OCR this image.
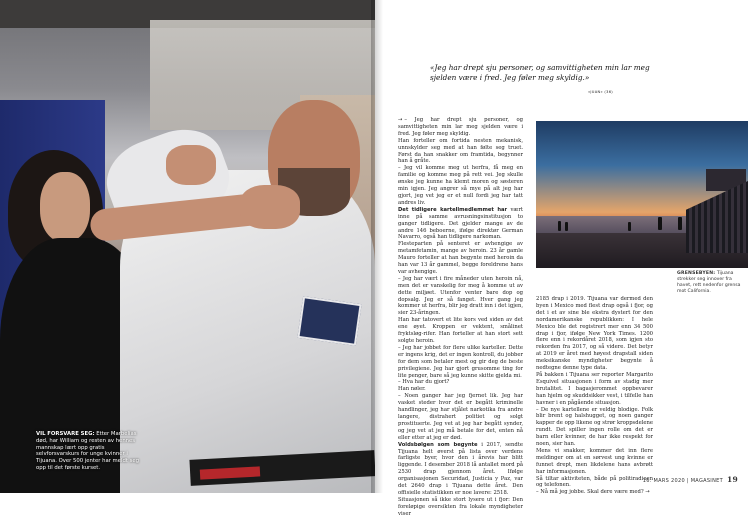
VIL FORSVARE SEG: Etter Marbelias død, har William og resten av hennes mannskap lært opp gratis selvforsvarskurs for unge kvinner i Tijuana. Over 500 jenter har meldt seg opp til det første kurset.
«Jeg har drept sju personer, og samvittigheten min lar meg sjelden være i fred. Jeg føler meg skyldig.»
«JUAN» (36)

→ – Jeg har drept sju personer, og samvittigheten min lar meg sjelden være i fred. Jeg føler meg skyldig.

Han forteller om fortida nesten mekanisk, unnskylder seg med at han følte seg truet. Først da han snakker om framtida, begynner han å gråte.

– Jeg vil komme meg ut herfra, få meg en familie og komme meg på rett vei. Jeg skulle ønske jeg kunne ha klemt moren og søsteren min igjen. Jeg angrer så mye på alt jeg har gjort, jeg vet jeg er et null fordi jeg har tatt andres liv.

Det tidligere kartellmedlemmet har vært inne på samme avrusningsinstitusjon to ganger tidligere. Det gjelder mange av de andre 146 beboerne, ifølge direktør German Navarro, også han tidligere narkoman.

Flesteparten på senteret er avhengige av metamfetamin, mange av heroin. 23 år gamle Mauro forteller at han begynte med heroin da han var 13 år gammel, begge foreldrene hans var avhengige.

– Jeg har vært i fire måneder uten heroin nå, men det er vanskelig for meg å komme ut av dette miljøet. Utenfor venter bare dop og dopsalg. Jeg er så fanget. Hver gang jeg kommer ut herfra, blir jeg dratt inn i det igjen, sier 23-åringen.

Han har tatovert et lite kors ved siden av det ene øyet. Kroppen er vektent, smålinet fryktsløg-rifer. Han forteller at han stort sett solgte heroin.

– Jeg har jobbet for flere ulike karteller. Dette er ingens krig, det er ingen kontroll, du jobber for dem som betaler mest og gir deg de beste privilegiene. Jeg har gjort grusomme ting for lite penger, bare så jeg kunne skitte gjelda mi.

– Hva har du gjort?

Han nøler.

– Noen ganger har jeg fjernet lik. Jeg har vasket steder hvor det er begått kriminelle handlinger, jeg har stjålet narkotika fra andre langere, distrahert politiet og solgt prostituerte. Jeg vet at jeg har begått synder, og jeg vet at jeg må betale for det, enten nå eller etter at jeg er død.

Voldsbølgen som begynte i 2017, sendte Tijuana helt øverst på lista over verdens farligste byer, hvor den i årevis har blitt liggende. I desember 2018 lå antallet mord på 2530 drap gjennom året. Ifølge organisasjonen Securidad, Justicia y Paz, var det 2640 drap i Tijuana dette året. Den offisielle statistikken er noe lavere: 2518.

Situasjonen så ikke stort lysere ut i fjor: Den foreløpige oversikten fra lokale myndigheter viser

GRENSEBYEN: Tijuana strekker seg innover fra havet, rett nedenfor grensa mot California.

2185 drap i 2019. Tijuana var dermed den byen i Mexico med flest drap også i fjor, og det i et av sine ble ekstra dystert for den nordamerikanske republikken: I hele Mexico ble det registrert mer enn 34 500 drap i fjor, ifølge New York Times. 1200 flere enn i rekordåret 2018, som igjen sto rekorden fra 2017, og så videre. Det betyr at 2019 er året med høyest drapstall siden meksikanske myndigheter begynte å nedtegne denne type data.

På bakken i Tijuana ser reporter Margarito Esquivel situasjonen i form av stadig mer brutalitet. I bagasjerommet oppbevarer han hjelm og skuddsikker vest, i tilfelle han havner i en pågående situasjon.

– De nye kartellene er veldig blodige. Folk blir brent og halshugget, og noen ganger kapper de opp likene og strør kroppsdelene rundt. Det spiller ingen rolle om det er barn eller kvinner, de har ikke respekt for noen, sier han.

Mens vi snakker, kommer det inn flere meldinger om at en sørvest ung kvinne er funnet drept, men likdelene hans avbrøtt har informasjonen.

Så tiltar aktiviteten, både på politiradioen og telefonen.

– Nå må jeg jobbe. Skal dere være med? →

16. MARS 2020 | MAGASINET 19
